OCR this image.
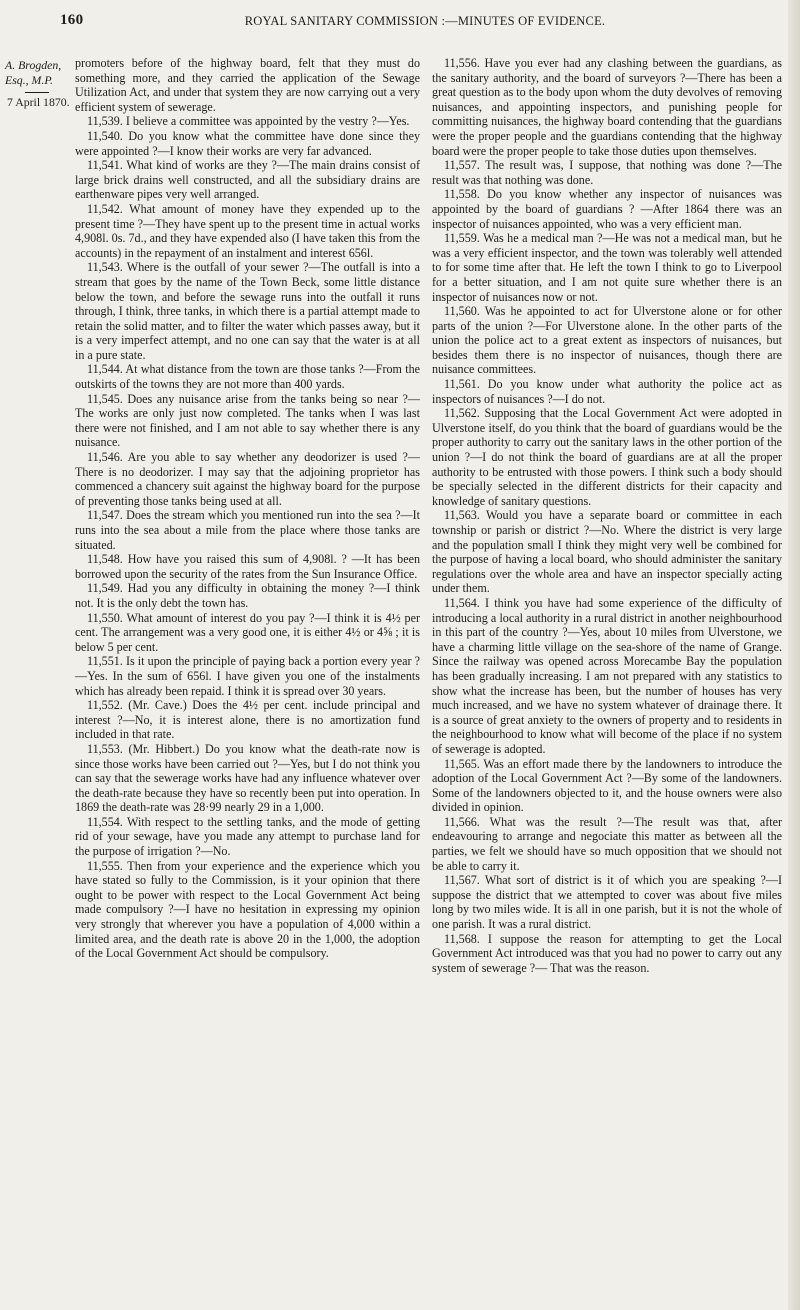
160	ROYAL SANITARY COMMISSION :—MINUTES OF EVIDENCE.
A. Brogden, Esq., M.P.
7 April 1870.

promoters before of the highway board, felt that they must do something more, and they carried the application of the Sewage Utilization Act, and under that system they are now carrying out a very efficient system of sewerage.

11,539. I believe a committee was appointed by the vestry ?—Yes.

11,540. Do you know what the committee have done since they were appointed ?—I know their works are very far advanced.

11,541. What kind of works are they ?—The main drains consist of large brick drains well constructed, and all the subsidiary drains are earthenware pipes very well arranged.

11,542. What amount of money have they expended up to the present time ?—They have spent up to the present time in actual works 4,908l. 0s. 7d., and they have expended also (I have taken this from the accounts) in the repayment of an instalment and interest 656l.

11,543. Where is the outfall of your sewer ?—The outfall is into a stream that goes by the name of the Town Beck, some little distance below the town, and before the sewage runs into the outfall it runs through, I think, three tanks, in which there is a partial attempt made to retain the solid matter, and to filter the water which passes away, but it is a very imperfect attempt, and no one can say that the water is at all in a pure state.

11,544. At what distance from the town are those tanks ?—From the outskirts of the towns they are not more than 400 yards.

11,545. Does any nuisance arise from the tanks being so near ?—The works are only just now completed. The tanks when I was last there were not finished, and I am not able to say whether there is any nuisance.

11,546. Are you able to say whether any deodorizer is used ?—There is no deodorizer. I may say that the adjoining proprietor has commenced a chancery suit against the highway board for the purpose of preventing those tanks being used at all.

11,547. Does the stream which you mentioned run into the sea ?—It runs into the sea about a mile from the place where those tanks are situated.

11,548. How have you raised this sum of 4,908l. ? —It has been borrowed upon the security of the rates from the Sun Insurance Office.

11,549. Had you any difficulty in obtaining the money ?—I think not. It is the only debt the town has.

11,550. What amount of interest do you pay ?—I think it is 4½ per cent. The arrangement was a very good one, it is either 4½ or 4⅝ ; it is below 5 per cent.

11,551. Is it upon the principle of paying back a portion every year ?—Yes. In the sum of 656l. I have given you one of the instalments which has already been repaid. I think it is spread over 30 years.

11,552. (Mr. Cave.) Does the 4½ per cent. include principal and interest ?—No, it is interest alone, there is no amortization fund included in that rate.

11,553. (Mr. Hibbert.) Do you know what the death-rate now is since those works have been carried out ?—Yes, but I do not think you can say that the sewerage works have had any influence whatever over the death-rate because they have so recently been put into operation. In 1869 the death-rate was 28·99 nearly 29 in a 1,000.

11,554. With respect to the settling tanks, and the mode of getting rid of your sewage, have you made any attempt to purchase land for the purpose of irrigation ?—No.

11,555. Then from your experience and the experience which you have stated so fully to the Commission, is it your opinion that there ought to be power with respect to the Local Government Act being made compulsory ?—I have no hesitation in expressing my opinion very strongly that wherever you have a population of 4,000 within a limited area, and the death rate is above 20 in the 1,000, the adoption of the Local Government Act should be compulsory.

11,556. Have you ever had any clashing between the guardians, as the sanitary authority, and the board of surveyors ?—There has been a great question as to the body upon whom the duty devolves of removing nuisances, and appointing inspectors, and punishing people for committing nuisances, the highway board contending that the guardians were the proper people and the guardians contending that the highway board were the proper people to take those duties upon themselves.

11,557. The result was, I suppose, that nothing was done ?—The result was that nothing was done.

11,558. Do you know whether any inspector of nuisances was appointed by the board of guardians ? —After 1864 there was an inspector of nuisances appointed, who was a very efficient man.

11,559. Was he a medical man ?—He was not a medical man, but he was a very efficient inspector, and the town was tolerably well attended to for some time after that. He left the town I think to go to Liverpool for a better situation, and I am not quite sure whether there is an inspector of nuisances now or not.

11,560. Was he appointed to act for Ulverstone alone or for other parts of the union ?—For Ulverstone alone. In the other parts of the union the police act to a great extent as inspectors of nuisances, but besides them there is no inspector of nuisances, though there are nuisance committees.

11,561. Do you know under what authority the police act as inspectors of nuisances ?—I do not.

11,562. Supposing that the Local Government Act were adopted in Ulverstone itself, do you think that the board of guardians would be the proper authority to carry out the sanitary laws in the other portion of the union ?—I do not think the board of guardians are at all the proper authority to be entrusted with those powers. I think such a body should be specially selected in the different districts for their capacity and knowledge of sanitary questions.

11,563. Would you have a separate board or committee in each township or parish or district ?—No. Where the district is very large and the population small I think they might very well be combined for the purpose of having a local board, who should administer the sanitary regulations over the whole area and have an inspector specially acting under them.

11,564. I think you have had some experience of the difficulty of introducing a local authority in a rural district in another neighbourhood in this part of the country ?—Yes, about 10 miles from Ulverstone, we have a charming little village on the sea-shore of the name of Grange. Since the railway was opened across Morecambe Bay the population has been gradually increasing. I am not prepared with any statistics to show what the increase has been, but the number of houses has very much increased, and we have no system whatever of drainage there. It is a source of great anxiety to the owners of property and to residents in the neighbourhood to know what will become of the place if no system of sewerage is adopted.

11,565. Was an effort made there by the landowners to introduce the adoption of the Local Government Act ?—By some of the landowners. Some of the landowners objected to it, and the house owners were also divided in opinion.

11,566. What was the result ?—The result was that, after endeavouring to arrange and negociate this matter as between all the parties, we felt we should have so much opposition that we should not be able to carry it.

11,567. What sort of district is it of which you are speaking ?—I suppose the district that we attempted to cover was about five miles long by two miles wide. It is all in one parish, but it is not the whole of one parish. It was a rural district.

11,568. I suppose the reason for attempting to get the Local Government Act introduced was that you had no power to carry out any system of sewerage ?— That was the reason.
